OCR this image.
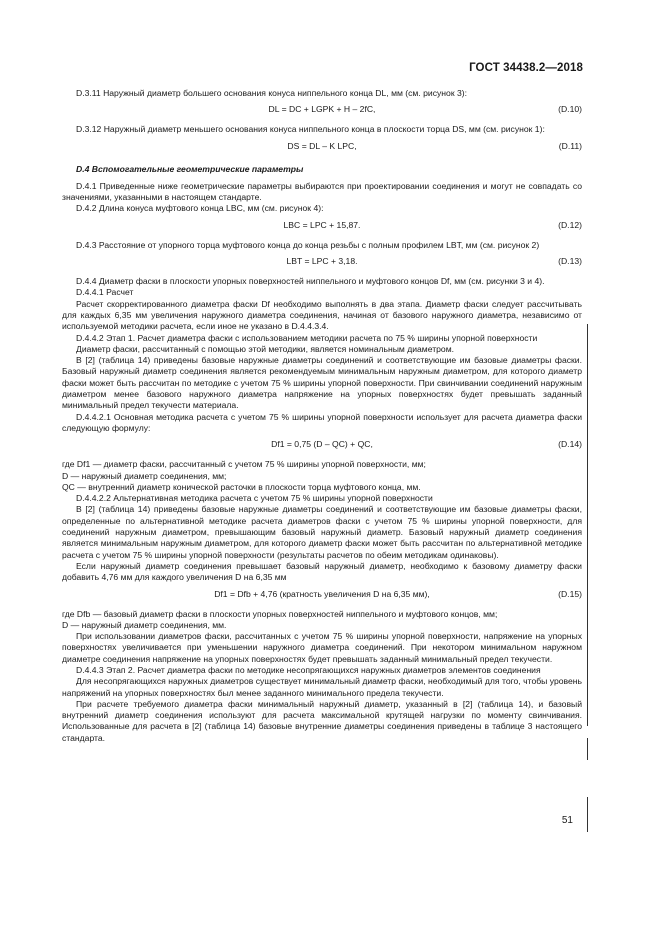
ГОСТ 34438.2—2018

D.3.11 Наружный диаметр большего основания конуса ниппельного конца DL, мм (см. рисунок 3):

DL = DC + LGPK + H – 2fC,	(D.10)

D.3.12 Наружный диаметр меньшего основания конуса ниппельного конца в плоскости торца DS, мм (см. рисунок 1):

DS = DL – K LPC,	(D.11)

D.4 Вспомогательные геометрические параметры

D.4.1 Приведенные ниже геометрические параметры выбираются при проектировании соединения и могут не совпадать со значениями, указанными в настоящем стандарте.

D.4.2 Длина конуса муфтового конца LBC, мм (см. рисунок 4):

LBC = LPC + 15,87.	(D.12)

D.4.3 Расстояние от упорного торца муфтового конца до конца резьбы с полным профилем LBT, мм (см. рисунок 2)

LBT = LPC + 3,18.	(D.13)

D.4.4 Диаметр фаски в плоскости упорных поверхностей ниппельного и муфтового концов Df, мм (см. рисунки 3 и 4).

D.4.4.1 Расчет

Расчет скорректированного диаметра фаски Df необходимо выполнять в два этапа. Диаметр фаски следует рассчитывать для каждых 6,35 мм увеличения наружного диаметра соединения, начиная от базового наружного диаметра, независимо от используемой методики расчета, если иное не указано в D.4.4.3.4.

D.4.4.2 Этап 1. Расчет диаметра фаски с использованием методики расчета по 75 % ширины упорной поверхности

Диаметр фаски, рассчитанный с помощью этой методики, является номинальным диаметром.

В [2] (таблица 14) приведены базовые наружные диаметры соединений и соответствующие им базовые диаметры фаски. Базовый наружный диаметр соединения является рекомендуемым минимальным наружным диаметром, для которого диаметр фаски может быть рассчитан по методике с учетом 75 % ширины упорной поверхности. При свинчивании соединений наружным диаметром менее базового наружного диаметра напряжение на упорных поверхностях будет превышать заданный минимальный предел текучести материала.

D.4.4.2.1 Основная методика расчета с учетом 75 % ширины упорной поверхности использует для расчета диаметра фаски следующую формулу:

Df1 = 0,75 (D – QC) + QC,	(D.14)

где Df1 — диаметр фаски, рассчитанный с учетом 75 % ширины упорной поверхности, мм;

D — наружный диаметр соединения, мм;

QC — внутренний диаметр конической расточки в плоскости торца муфтового конца, мм.

D.4.4.2.2 Альтернативная методика расчета с учетом 75 % ширины упорной поверхности

В [2] (таблица 14) приведены базовые наружные диаметры соединений и соответствующие им базовые диаметры фаски, определенные по альтернативной методике расчета диаметров фаски с учетом 75 % ширины упорной поверхности, для соединений наружным диаметром, превышающим базовый наружный диаметр. Базовый наружный диаметр соединения является минимальным наружным диаметром, для которого диаметр фаски может быть рассчитан по альтернативной методике расчета с учетом 75 % ширины упорной поверхности (результаты расчетов по обеим методикам одинаковы).

Если наружный диаметр соединения превышает базовый наружный диаметр, необходимо к базовому диаметру фаски добавить 4,76 мм для каждого увеличения D на 6,35 мм

Df1 = Dfb + 4,76 (кратность увеличения D на 6,35 мм),	(D.15)

где Dfb — базовый диаметр фаски в плоскости упорных поверхностей ниппельного и муфтового концов, мм;

D — наружный диаметр соединения, мм.

При использовании диаметров фаски, рассчитанных с учетом 75 % ширины упорной поверхности, напряжение на упорных поверхностях увеличивается при уменьшении наружного диаметра соединений. При некотором минимальном наружном диаметре соединения напряжение на упорных поверхностях будет превышать заданный минимальный предел текучести.

D.4.4.3 Этап 2. Расчет диаметра фаски по методике несопрягающихся наружных диаметров элементов соединения

Для несопрягающихся наружных диаметров существует минимальный диаметр фаски, необходимый для того, чтобы уровень напряжений на упорных поверхностях был менее заданного минимального предела текучести.

При расчете требуемого диаметра фаски минимальный наружный диаметр, указанный в [2] (таблица 14), и базовый внутренний диаметр соединения используют для расчета максимальной крутящей нагрузки по моменту свинчивания. Использованные для расчета в [2] (таблица 14) базовые внутренние диаметры соединения приведены в таблице 3 настоящего стандарта.

51
